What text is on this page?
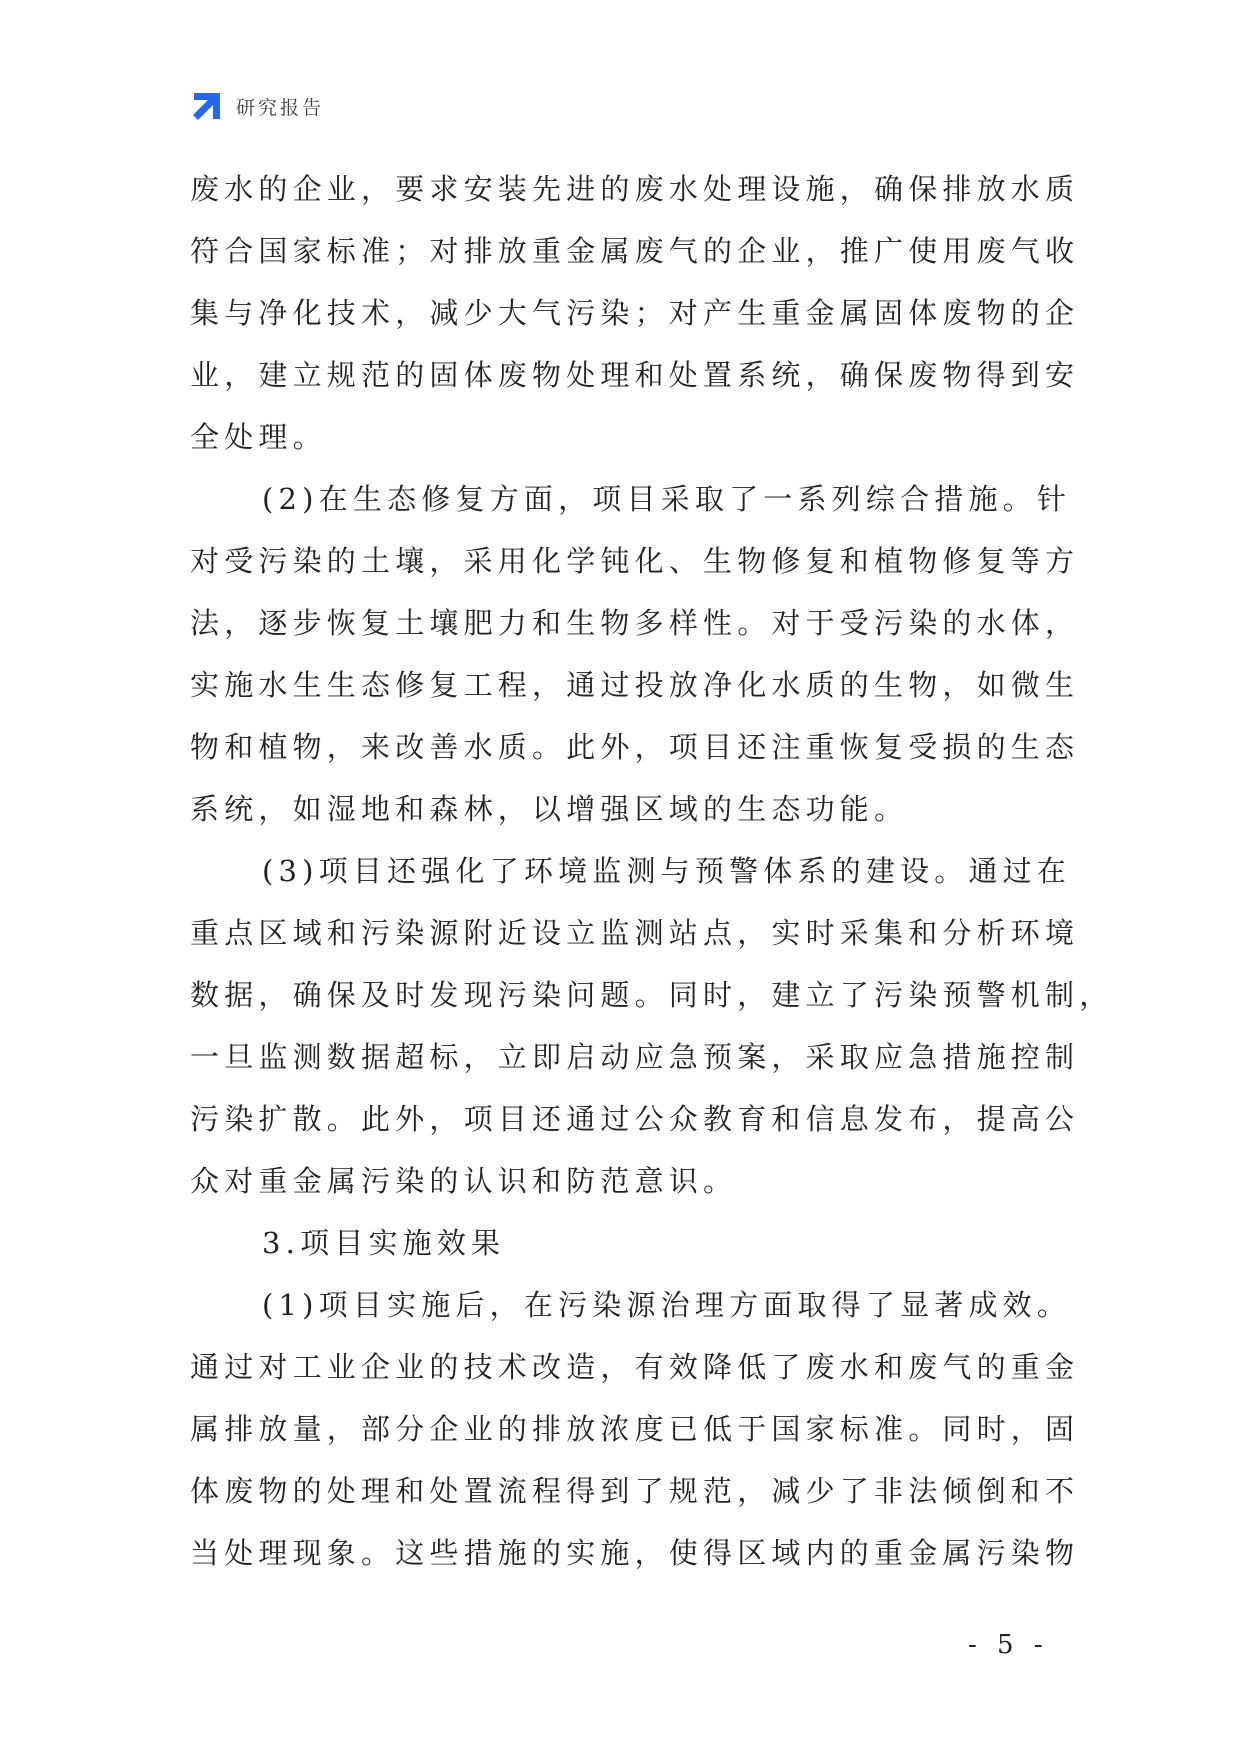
研究报告
废水的企业，要求安装先进的废水处理设施，确保排放水质
符合国家标准；对排放重金属废气的企业，推广使用废气收
集与净化技术，减少大气污染；对产生重金属固体废物的企
业，建立规范的固体废物处理和处置系统，确保废物得到安
全处理。
(2)在生态修复方面，项目采取了一系列综合措施。针
对受污染的土壤，采用化学钝化、生物修复和植物修复等方
法，逐步恢复土壤肥力和生物多样性。对于受污染的水体，
实施水生生态修复工程，通过投放净化水质的生物，如微生
物和植物，来改善水质。此外，项目还注重恢复受损的生态
系统，如湿地和森林，以增强区域的生态功能。
(3)项目还强化了环境监测与预警体系的建设。通过在
重点区域和污染源附近设立监测站点，实时采集和分析环境
数据，确保及时发现污染问题。同时，建立了污染预警机制，
一旦监测数据超标，立即启动应急预案，采取应急措施控制
污染扩散。此外，项目还通过公众教育和信息发布，提高公
众对重金属污染的认识和防范意识。
3.项目实施效果
(1)项目实施后，在污染源治理方面取得了显著成效。
通过对工业企业的技术改造，有效降低了废水和废气的重金
属排放量，部分企业的排放浓度已低于国家标准。同时，固
体废物的处理和处置流程得到了规范，减少了非法倾倒和不
当处理现象。这些措施的实施，使得区域内的重金属污染物
- 5 -
